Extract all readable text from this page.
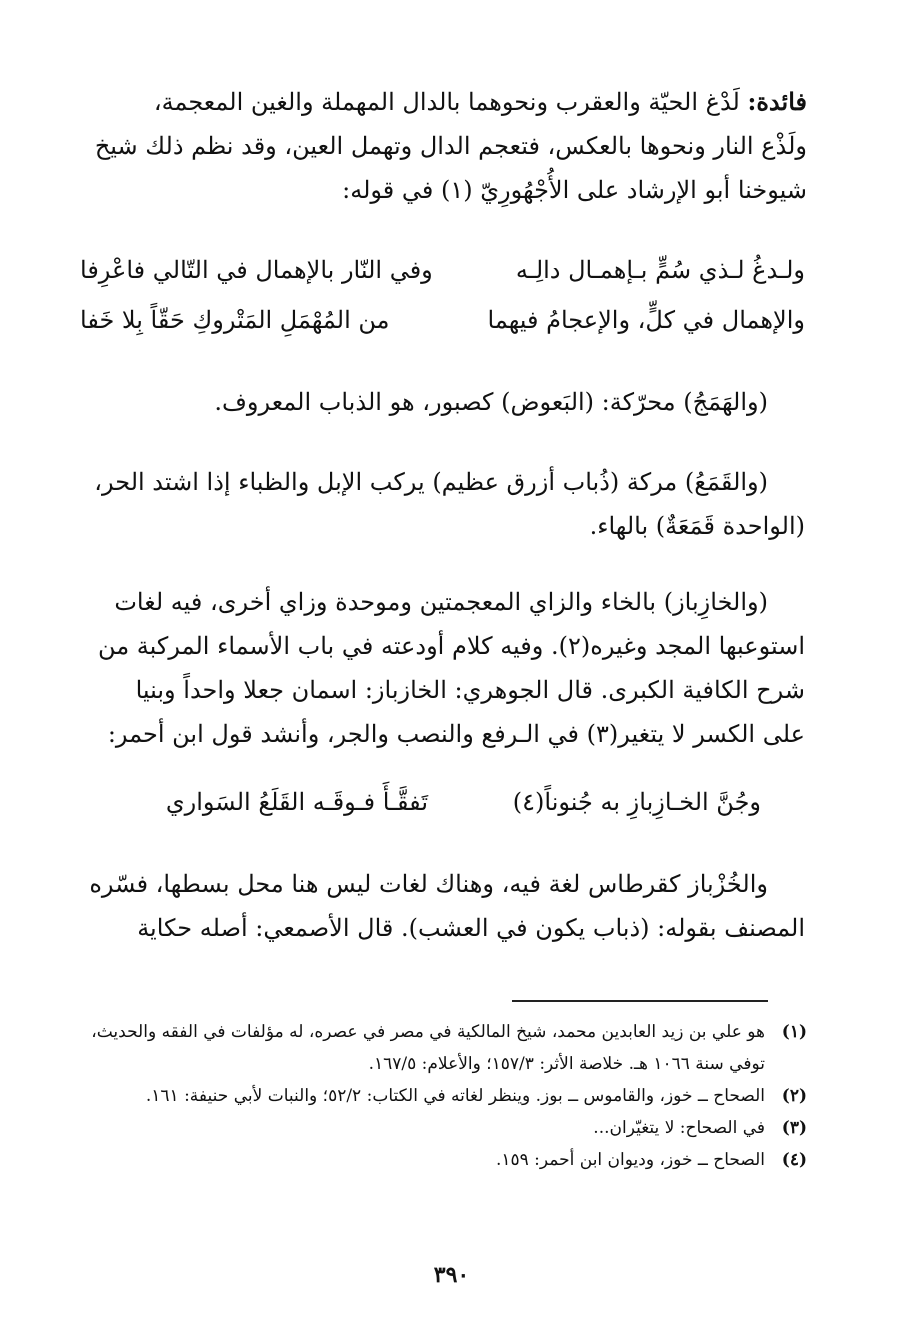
فائدة: لَدْغ الحيّة والعقرب ونحوهما بالدال المهملة والغين المعجمة،
ولَذْع النار ونحوها بالعكس، فتعجم الدال وتهمل العين، وقد نظم ذلك شيخ
شيوخنا أبو الإرشاد على الأُجْهُورِيّ (١) في قوله:
ولـدغُ لـذي سُمٍّ بـإهمـال دالِـه
وفي النّار بالإهمال في التّالي فاعْرِفا
والإهمال في كلٍّ، والإعجامُ فيهما
من المُهْمَلِ المَتْروكِ حَقّاً بِلا خَفا
(والهَمَجُ) محرّكة: (البَعوض) كصبور، هو الذباب المعروف.
(والقَمَعُ) مركة (ذُباب أزرق عظيم) يركب الإبل والظباء إذا اشتد الحر،
(الواحدة قَمَعَةٌ) بالهاء.
(والخازِباز) بالخاء والزاي المعجمتين وموحدة وزاي أخرى، فيه لغات
استوعبها المجد وغيره(٢). وفيه كلام أودعته في باب الأسماء المركبة من
شرح الكافية الكبرى. قال الجوهري: الخازباز: اسمان جعلا واحداً وبنيا
على الكسر لا يتغير(٣) في الـرفع والنصب والجر، وأنشد قول ابن أحمر:
تَفقَّـأَ فـوقَـه القَلَعُ السَواري	وجُنَّ الخـازِبازِ به جُنوناً(٤)
والخُزْباز كقرطاس لغة فيه، وهناك لغات ليس هنا محل بسطها، فسّره
المصنف بقوله: (ذباب يكون في العشب). قال الأصمعي: أصله حكاية
(١)
هو علي بن زيد العابدين محمد، شيخ المالكية في مصر في عصره، له مؤلفات في الفقه والحديث، توفي سنة ١٠٦٦ هـ. خلاصة الأثر: ١٥٧/٣؛ والأعلام: ١٦٧/٥.
(٢)
الصحاح ــ خوز، والقاموس ــ بوز. وينظر لغاته في الكتاب: ٥٢/٢؛ والنبات لأبي حنيفة: ١٦١.
(٣)
في الصحاح: لا يتغيّران...
(٤)
الصحاح ــ خوز، وديوان ابن أحمر: ١٥٩.
٣٩٠
